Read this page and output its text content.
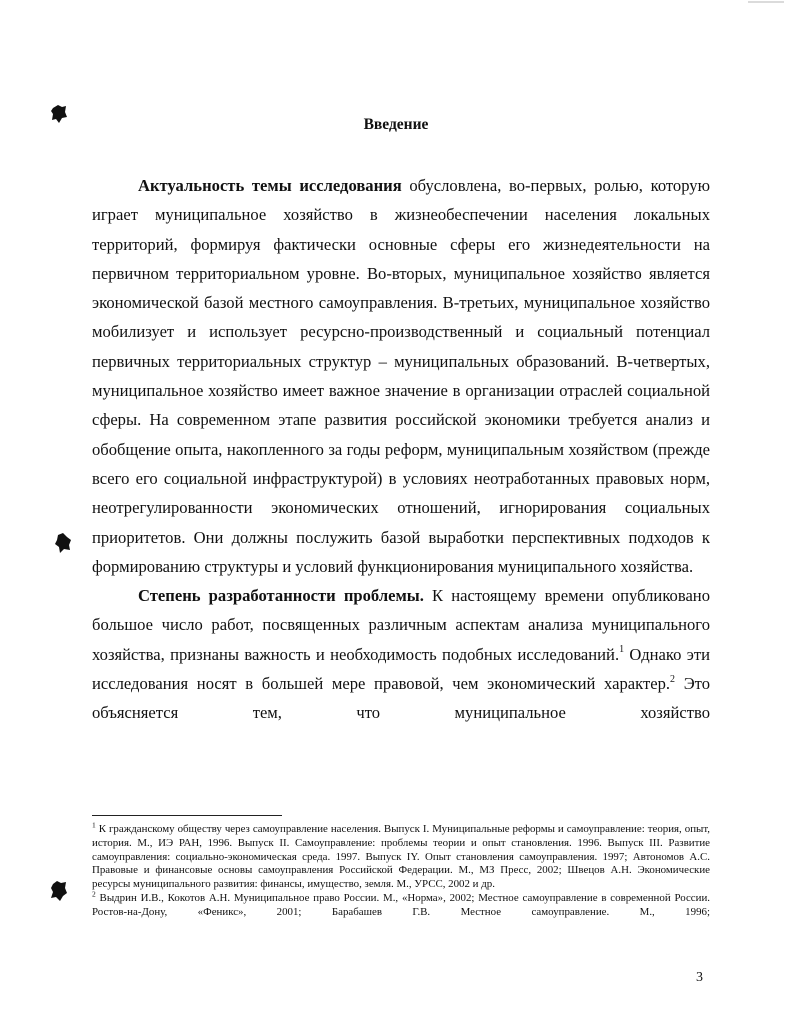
Введение

Актуальность темы исследования обусловлена, во-первых, ролью, которую играет муниципальное хозяйство в жизнеобеспечении населения локальных территорий, формируя фактически основные сферы его жизнедеятельности на первичном территориальном уровне. Во-вторых, муниципальное хозяйство является экономической базой местного самоуправления. В-третьих, муниципальное хозяйство мобилизует и использует ресурсно-производственный и социальный потенциал первичных территориальных структур – муниципальных образований. В-четвертых, муниципальное хозяйство имеет важное значение в организации отраслей социальной сферы. На современном этапе развития российской экономики требуется анализ и обобщение опыта, накопленного за годы реформ, муниципальным хозяйством (прежде всего его социальной инфраструктурой) в условиях неотработанных правовых норм, неотрегулированности экономических отношений, игнорирования социальных приоритетов. Они должны послужить базой выработки перспективных подходов к формированию структуры и условий функционирования муниципального хозяйства.

Степень разработанности проблемы. К настоящему времени опубликовано большое число работ, посвященных различным аспектам анализа муниципального хозяйства, признаны важность и необходимость подобных исследований.$^1$ Однако эти исследования носят в большей мере правовой, чем экономический характер.$^2$ Это объясняется тем, что муниципальное хозяйство

$^1$ К гражданскому обществу через самоуправление населения. Выпуск I. Муниципальные реформы и самоуправление: теория, опыт, история. М., ИЭ РАН, 1996. Выпуск II. Самоуправление: проблемы теории и опыт становления. 1996. Выпуск III. Развитие самоуправления: социально-экономическая среда. 1997. Выпуск IY. Опыт становления самоуправления. 1997; Автономов А.С. Правовые и финансовые основы самоуправления Российской Федерации. М., МЗ Пресс, 2002; Швецов А.Н. Экономические ресурсы муниципального развития: финансы, имущество, земля. М., УРСС, 2002 и др.

$^2$ Выдрин И.В., Кокотов А.Н. Муниципальное право России. М., «Норма», 2002; Местное самоуправление в современной России. Ростов-на-Дону, «Феникс», 2001; Барабашев Г.В. Местное самоуправление. М., 1996;

3
